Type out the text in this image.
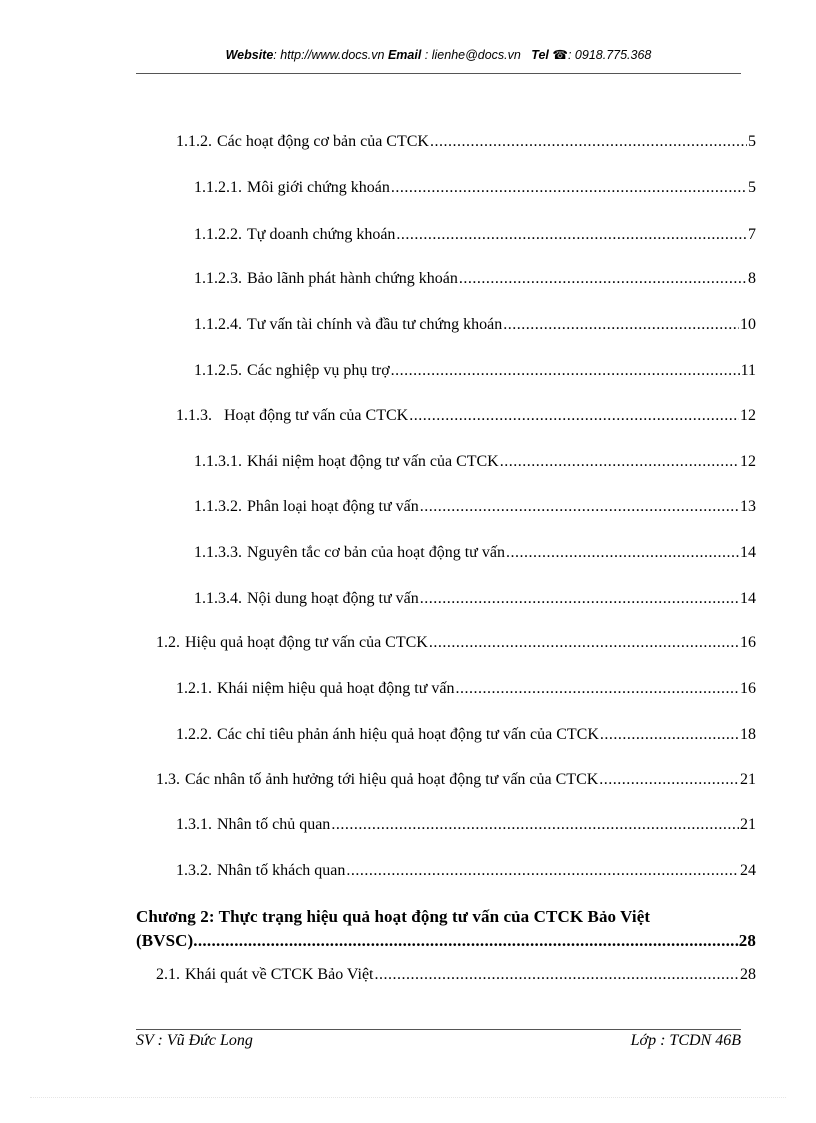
Website: http://www.docs.vn Email : lienhe@docs.vn Tel ☎: 0918.775.368
1.1.2. Các hoạt động cơ bản của CTCK .....	5
1.1.2.1. Môi giới chứng khoán .....	5
1.1.2.2. Tự doanh chứng khoán .....	7
1.1.2.3. Bảo lãnh phát hành chứng khoán .....	8
1.1.2.4. Tư vấn tài chính và đầu tư chứng khoán .....	10
1.1.2.5. Các nghiệp vụ phụ trợ .....	11
1.1.3. Hoạt động tư vấn của CTCK .....	12
1.1.3.1. Khái niệm hoạt động tư vấn của CTCK .....	12
1.1.3.2. Phân loại hoạt động tư vấn .....	13
1.1.3.3. Nguyên tắc cơ bản của hoạt động tư vấn .....	14
1.1.3.4. Nội dung hoạt động tư vấn .....	14
1.2. Hiệu quả hoạt động tư vấn của CTCK .....	16
1.2.1. Khái niệm hiệu quả hoạt động tư vấn .....	16
1.2.2. Các chỉ tiêu phản ánh hiệu quả hoạt động tư vấn của CTCK .....	18
1.3. Các nhân tố ảnh hưởng tới hiệu quả hoạt động tư vấn của CTCK .....	21
1.3.1. Nhân tố chủ quan .....	21
1.3.2. Nhân tố khách quan .....	24
Chương 2: Thực trạng hiệu quả hoạt động tư vấn của CTCK Bảo Việt
(BVSC) .....	28
2.1. Khái quát về CTCK Bảo Việt .....	28
SV : Vũ Đức Long	Lớp : TCDN 46B
